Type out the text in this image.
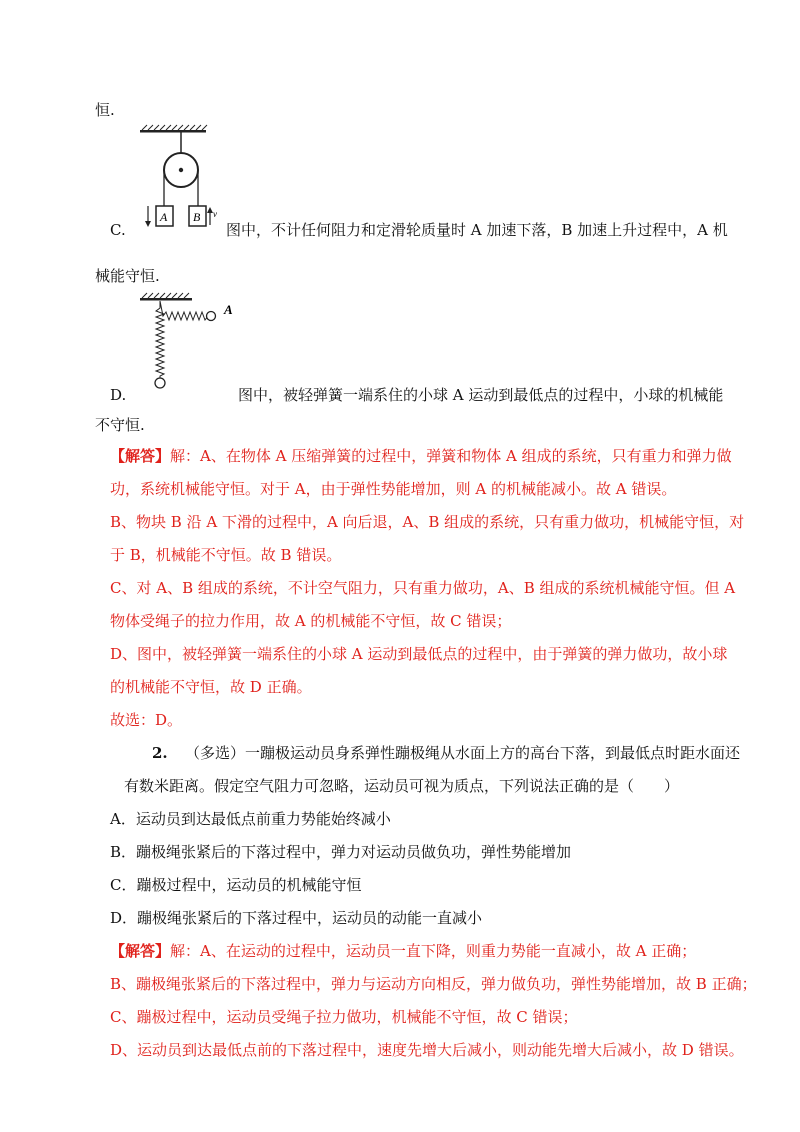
恒.
A B v
C.	图中，不计任何阻力和定滑轮质量时 A 加速下落，B 加速上升过程中，A 机
械能守恒.
A
D.	图中，被轻弹簧一端系住的小球 A 运动到最低点的过程中，小球的机械能
不守恒.
【解答】解：A、在物体 A 压缩弹簧的过程中，弹簧和物体 A 组成的系统，只有重力和弹力做
功，系统机械能守恒。对于 A，由于弹性势能增加，则 A 的机械能减小。故 A 错误。
B、物块 B 沿 A 下滑的过程中，A 向后退，A、B 组成的系统，只有重力做功，机械能守恒，对
于 B，机械能不守恒。故 B 错误。
C、对 A、B 组成的系统，不计空气阻力，只有重力做功，A、B 组成的系统机械能守恒。但 A
物体受绳子的拉力作用，故 A 的机械能不守恒，故 C 错误；
D、图中，被轻弹簧一端系住的小球 A 运动到最低点的过程中，由于弹簧的弹力做功，故小球
的机械能不守恒，故 D 正确。
故选：D。
2. （多选）一蹦极运动员身系弹性蹦极绳从水面上方的高台下落，到最低点时距水面还
有数米距离。假定空气阻力可忽略，运动员可视为质点，下列说法正确的是（　　）
A．运动员到达最低点前重力势能始终减小
B．蹦极绳张紧后的下落过程中，弹力对运动员做负功，弹性势能增加
C．蹦极过程中，运动员的机械能守恒
D．蹦极绳张紧后的下落过程中，运动员的动能一直减小
【解答】解：A、在运动的过程中，运动员一直下降，则重力势能一直减小，故 A 正确；
B、蹦极绳张紧后的下落过程中，弹力与运动方向相反，弹力做负功，弹性势能增加，故 B 正确；
C、蹦极过程中，运动员受绳子拉力做功，机械能不守恒，故 C 错误；
D、运动员到达最低点前的下落过程中，速度先增大后减小，则动能先增大后减小，故 D 错误。
